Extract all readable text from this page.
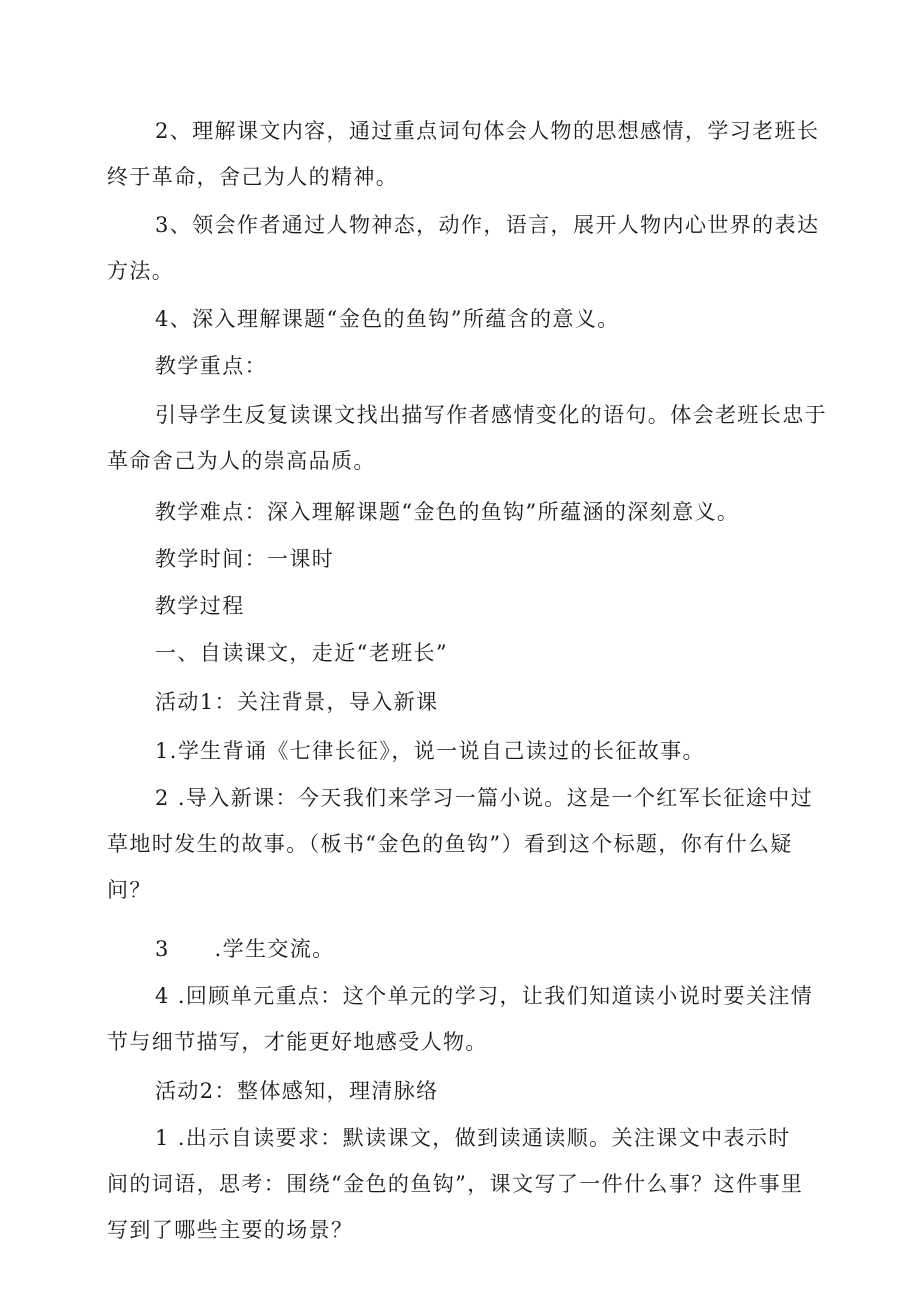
2、理解课文内容，通过重点词句体会人物的思想感情，学习老班长
终于革命，舍己为人的精神。

3、领会作者通过人物神态，动作，语言，展开人物内心世界的表达
方法。

4、深入理解课题“金色的鱼钩”所蕴含的意义。

教学重点：

引导学生反复读课文找出描写作者感情变化的语句。体会老班长忠于
革命舍己为人的崇高品质。

教学难点：深入理解课题“金色的鱼钩”所蕴涵的深刻意义。

教学时间：一课时

教学过程

一、自读课文，走近“老班长”

活动1：关注背景，导入新课

1.学生背诵《七律长征》，说一说自己读过的长征故事。

2 .导入新课：今天我们来学习一篇小说。这是一个红军长征途中过
草地时发生的故事。（板书“金色的鱼钩”）看到这个标题，你有什么疑
问？

3　　.学生交流。

4 .回顾单元重点：这个单元的学习，让我们知道读小说时要关注情
节与细节描写，才能更好地感受人物。

活动2：整体感知，理清脉络

1 .出示自读要求：默读课文，做到读通读顺。关注课文中表示时
间的词语，思考：围绕“金色的鱼钩”，课文写了一件什么事？这件事里
写到了哪些主要的场景？
